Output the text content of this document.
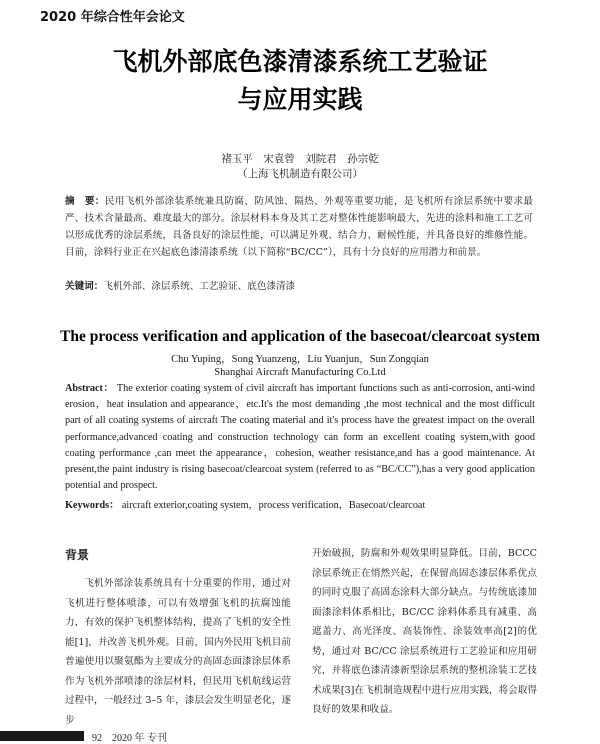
2020 年综合性年会论文
飞机外部底色漆清漆系统工艺验证
与应用实践
褚玉平　宋袁曾　刘院君　孙宗乾
（上海飞机制造有限公司）
摘　要：民用飞机外部涂装系统兼具防腐、防风蚀、隔热、外观等重要功能，是飞机所有涂层系统中要求最严、技术含量最高、难度最大的部分。涂层材料本身及其工艺对整体性能影响最大，先进的涂料和施工工艺可以形成优秀的涂层系统，具备良好的涂层性能，可以满足外观、结合力、耐候性能，并具备良好的维修性能。目前，涂料行业正在兴起底色漆清漆系统（以下简称“BC/CC”），具有十分良好的应用潜力和前景。
关键词：飞机外部、涂层系统、工艺验证、底色漆清漆
The process verification and application of the basecoat/clearcoat system
Chu Yuping，Song Yuanzeng，Liu Yuanjun，Sun Zongqian
Shanghai Aircraft Manufacturing Co.Ltd
Abstract： The exterior coating system of civil aircraft has important functions such as anti-corrosion, anti-wind erosion，heat insulation and appearance，etc.It's the most demanding ,the most technical and the most difficult part of all coating systems of aircraft The coating material and it's process have the greatest impact on the overall performance,advanced coating and construction technology can form an excellent coating system,with good coating performance ,can meet the appearance，cohesion, weather resistance,and has a good maintenance. At present,the paint industry is rising basecoat/clearcoat system (referred to as “BC/CC”),has a very good application potential and prospect.
Keywords： aircraft exterior,coating system，process verification，Basecoat/clearcoat
背景
飞机外部涂装系统具有十分重要的作用，通过对飞机进行整体喷漆，可以有效增强飞机的抗腐蚀能力，有效的保护飞机整体结构，提高了飞机的安全性能[1]，并改善飞机外观。目前，国内外民用飞机目前普遍使用以聚氨酯为主要成分的高固态面漆涂层体系作为飞机外部喷漆的涂层材料，但民用飞机航线运营过程中，一般经过 3–5 年，漆层会发生明显老化，逐步
开始破损，防腐和外观效果明显降低。目前，BCCC 涂层系统正在悄然兴起，在保留高固态漆层体系优点的同时克服了高固态涂料大部分缺点。与传统底漆加面漆涂料体系相比，BC/CC 涂料体系具有减重、高遮盖力、高光泽度、高装饰性、涂装效率高[2]的优势，通过对 BC/CC 涂层系统进行工艺验证和应用研究，并将底色漆清漆新型涂层系统的整机涂装工艺技术成果[3]在飞机制造规程中进行应用实践，将会取得良好的效果和收益。
92　2020 年 专刊
